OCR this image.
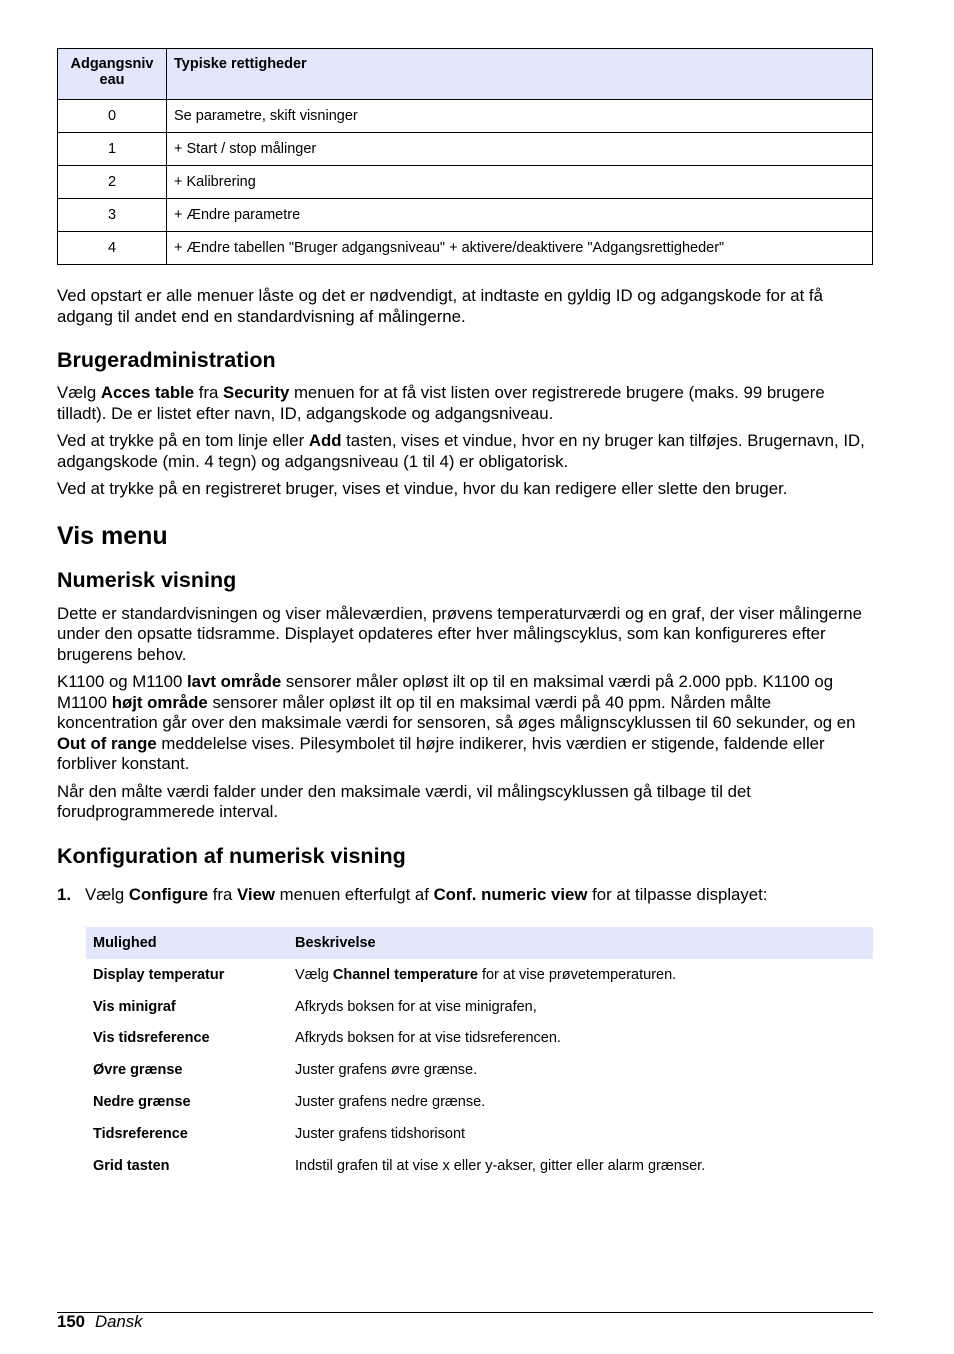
Adgangsniv eau	Typiske rettigheder
0	Se parametre, skift visninger
1	+ Start / stop målinger
2	+ Kalibrering
3	+ Ændre parametre
4	+ Ændre tabellen "Bruger adgangsniveau" + aktivere/deaktivere "Adgangsrettigheder"

Ved opstart er alle menuer låste og det er nødvendigt, at indtaste en gyldig ID og adgangskode for at få adgang til andet end en standardvisning af målingerne.

Brugeradministration

Vælg Acces table fra Security menuen for at få vist listen over registrerede brugere (maks. 99 brugere tilladt). De er listet efter navn, ID, adgangskode og adgangsniveau.

Ved at trykke på en tom linje eller Add tasten, vises et vindue, hvor en ny bruger kan tilføjes. Brugernavn, ID, adgangskode (min. 4 tegn) og adgangsniveau (1 til 4) er obligatorisk.

Ved at trykke på en registreret bruger, vises et vindue, hvor du kan redigere eller slette den bruger.

Vis menu
Numerisk visning

Dette er standardvisningen og viser måleværdien, prøvens temperaturværdi og en graf, der viser målingerne under den opsatte tidsramme. Displayet opdateres efter hver målingscyklus, som kan konfigureres efter brugerens behov.

K1100 og M1100 lavt område sensorer måler opløst ilt op til en maksimal værdi på 2.000 ppb. K1100 og M1100 højt område sensorer måler opløst ilt op til en maksimal værdi på 40 ppm. Nården målte koncentration går over den maksimale værdi for sensoren, så øges målignscyklussen til 60 sekunder, og en Out of range meddelelse vises. Pilesymbolet til højre indikerer, hvis værdien er stigende, faldende eller forbliver konstant.

Når den målte værdi falder under den maksimale værdi, vil målingscyklussen gå tilbage til det forudprogrammerede interval.

Konfiguration af numerisk visning
1. Vælg Configure fra View menuen efterfulgt af Conf. numeric view for at tilpasse displayet:
Mulighed	Beskrivelse
Display temperatur	Vælg Channel temperature for at vise prøvetemperaturen.
Vis minigraf	Afkryds boksen for at vise minigrafen,
Vis tidsreference	Afkryds boksen for at vise tidsreferencen.
Øvre grænse	Juster grafens øvre grænse.
Nedre grænse	Juster grafens nedre grænse.
Tidsreference	Juster grafens tidshorisont
Grid tasten	Indstil grafen til at vise x eller y-akser, gitter eller alarm grænser.
150 Dansk
